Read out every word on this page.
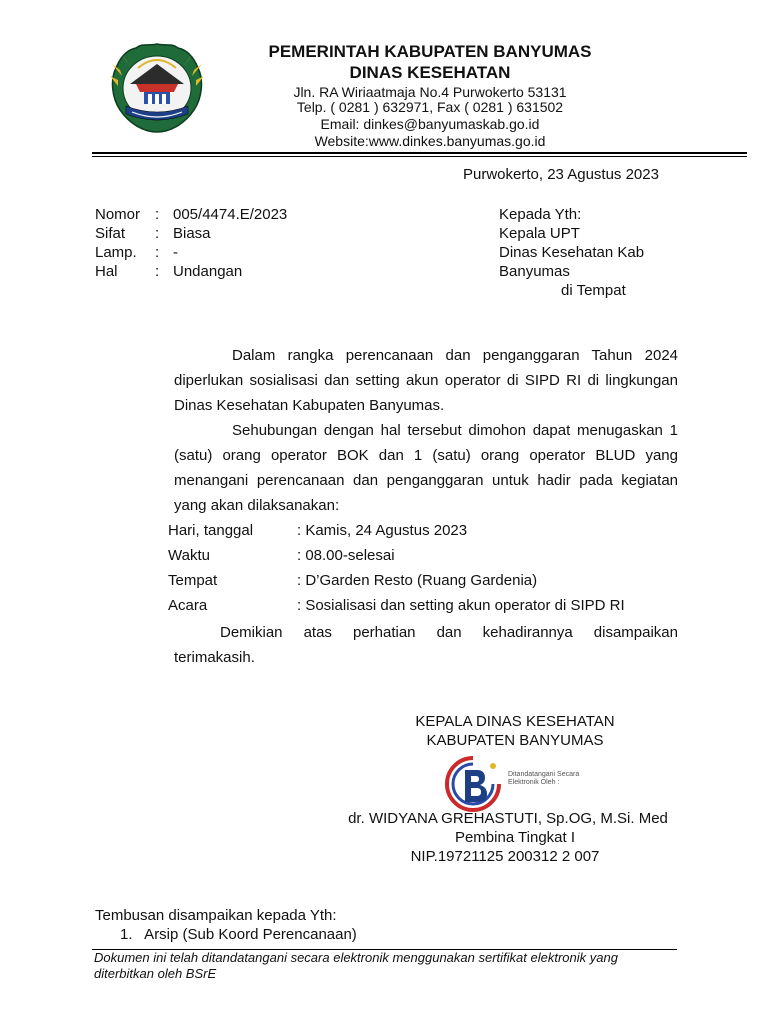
PEMERINTAH KABUPATEN BANYUMAS
DINAS KESEHATAN
Jln. RA Wiriaatmaja No.4 Purwokerto 53131
Telp. ( 0281 ) 632971, Fax ( 0281 ) 631502
Email: dinkes@banyumaskab.go.id
Website:www.dinkes.banyumas.go.id
Purwokerto, 23 Agustus 2023
Nomor : 005/4474.E/2023
Sifat	: Biasa
Lamp.	: -
Hal	: Undangan
Kepada Yth:
Kepala UPT
Dinas Kesehatan Kab
Banyumas
di Tempat
Dalam rangka perencanaan dan penganggaran Tahun 2024 diperlukan sosialisasi dan setting akun operator di SIPD RI di lingkungan Dinas Kesehatan Kabupaten Banyumas.
Sehubungan dengan hal tersebut dimohon dapat menugaskan 1 (satu) orang operator BOK dan 1 (satu) orang operator BLUD yang menangani perencanaan dan penganggaran untuk hadir pada kegiatan yang akan dilaksanakan:
Hari, tanggal	: Kamis, 24 Agustus 2023
Waktu	: 08.00-selesai
Tempat	: D’Garden Resto (Ruang Gardenia)
Acara	: Sosialisasi dan setting akun operator di SIPD RI
Demikian atas perhatian dan kehadirannya disampaikan terimakasih.
KEPALA DINAS KESEHATAN
KABUPATEN BANYUMAS
Ditandatangani Secara Elektronik Oleh :
dr. WIDYANA GREHASTUTI, Sp.OG, M.Si. Med
Pembina Tingkat I
NIP.19721125 200312 2 007
Tembusan disampaikan kepada Yth:
1.   Arsip (Sub Koord Perencanaan)
Dokumen ini telah ditandatangani secara elektronik menggunakan sertifikat elektronik yang diterbitkan oleh BSrE
